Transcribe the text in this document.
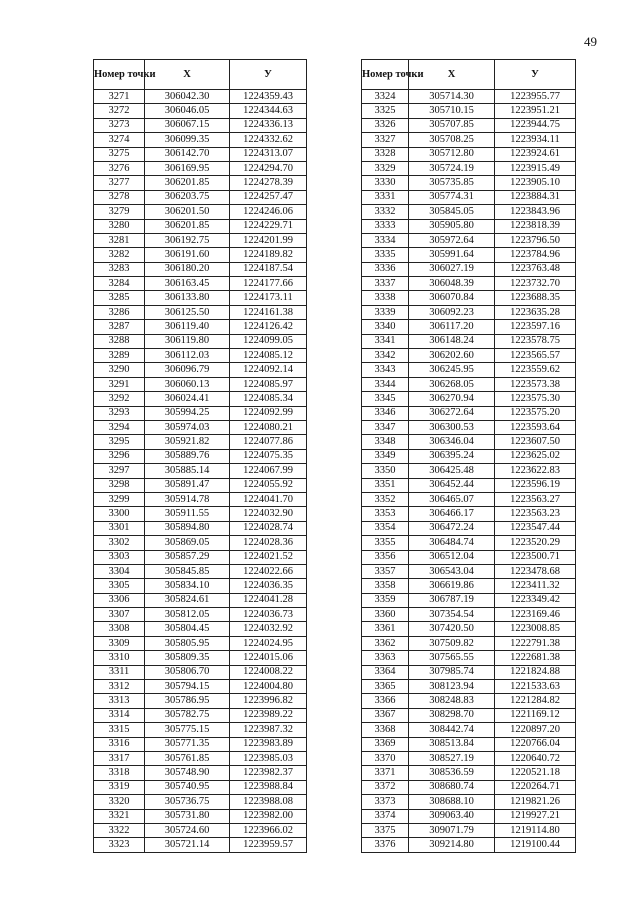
49
Номер точки	X	У
3271	306042.30	1224359.43
3272	306046.05	1224344.63
3273	306067.15	1224336.13
3274	306099.35	1224332.62
3275	306142.70	1224313.07
3276	306169.95	1224294.70
3277	306201.85	1224278.39
3278	306203.75	1224257.47
3279	306201.50	1224246.06
3280	306201.85	1224229.71
3281	306192.75	1224201.99
3282	306191.60	1224189.82
3283	306180.20	1224187.54
3284	306163.45	1224177.66
3285	306133.80	1224173.11
3286	306125.50	1224161.38
3287	306119.40	1224126.42
3288	306119.80	1224099.05
3289	306112.03	1224085.12
3290	306096.79	1224092.14
3291	306060.13	1224085.97
3292	306024.41	1224085.34
3293	305994.25	1224092.99
3294	305974.03	1224080.21
3295	305921.82	1224077.86
3296	305889.76	1224075.35
3297	305885.14	1224067.99
3298	305891.47	1224055.92
3299	305914.78	1224041.70
3300	305911.55	1224032.90
3301	305894.80	1224028.74
3302	305869.05	1224028.36
3303	305857.29	1224021.52
3304	305845.85	1224022.66
3305	305834.10	1224036.35
3306	305824.61	1224041.28
3307	305812.05	1224036.73
3308	305804.45	1224032.92
3309	305805.95	1224024.95
3310	305809.35	1224015.06
3311	305806.70	1224008.22
3312	305794.15	1224004.80
3313	305786.95	1223996.82
3314	305782.75	1223989.22
3315	305775.15	1223987.32
3316	305771.35	1223983.89
3317	305761.85	1223985.03
3318	305748.90	1223982.37
3319	305740.95	1223988.84
3320	305736.75	1223988.08
3321	305731.80	1223982.00
3322	305724.60	1223966.02
3323	305721.14	1223959.57
Номер точки	X	У
3324	305714.30	1223955.77
3325	305710.15	1223951.21
3326	305707.85	1223944.75
3327	305708.25	1223934.11
3328	305712.80	1223924.61
3329	305724.19	1223915.49
3330	305735.85	1223905.10
3331	305774.31	1223884.31
3332	305845.05	1223843.96
3333	305905.80	1223818.39
3334	305972.64	1223796.50
3335	305991.64	1223784.96
3336	306027.19	1223763.48
3337	306048.39	1223732.70
3338	306070.84	1223688.35
3339	306092.23	1223635.28
3340	306117.20	1223597.16
3341	306148.24	1223578.75
3342	306202.60	1223565.57
3343	306245.95	1223559.62
3344	306268.05	1223573.38
3345	306270.94	1223575.30
3346	306272.64	1223575.20
3347	306300.53	1223593.64
3348	306346.04	1223607.50
3349	306395.24	1223625.02
3350	306425.48	1223622.83
3351	306452.44	1223596.19
3352	306465.07	1223563.27
3353	306466.17	1223563.23
3354	306472.24	1223547.44
3355	306484.74	1223520.29
3356	306512.04	1223500.71
3357	306543.04	1223478.68
3358	306619.86	1223411.32
3359	306787.19	1223349.42
3360	307354.54	1223169.46
3361	307420.50	1223008.85
3362	307509.82	1222791.38
3363	307565.55	1222681.38
3364	307985.74	1221824.88
3365	308123.94	1221533.63
3366	308248.83	1221284.82
3367	308298.70	1221169.12
3368	308442.74	1220897.20
3369	308513.84	1220766.04
3370	308527.19	1220640.72
3371	308536.59	1220521.18
3372	308680.74	1220264.71
3373	308688.10	1219821.26
3374	309063.40	1219927.21
3375	309071.79	1219114.80
3376	309214.80	1219100.44
